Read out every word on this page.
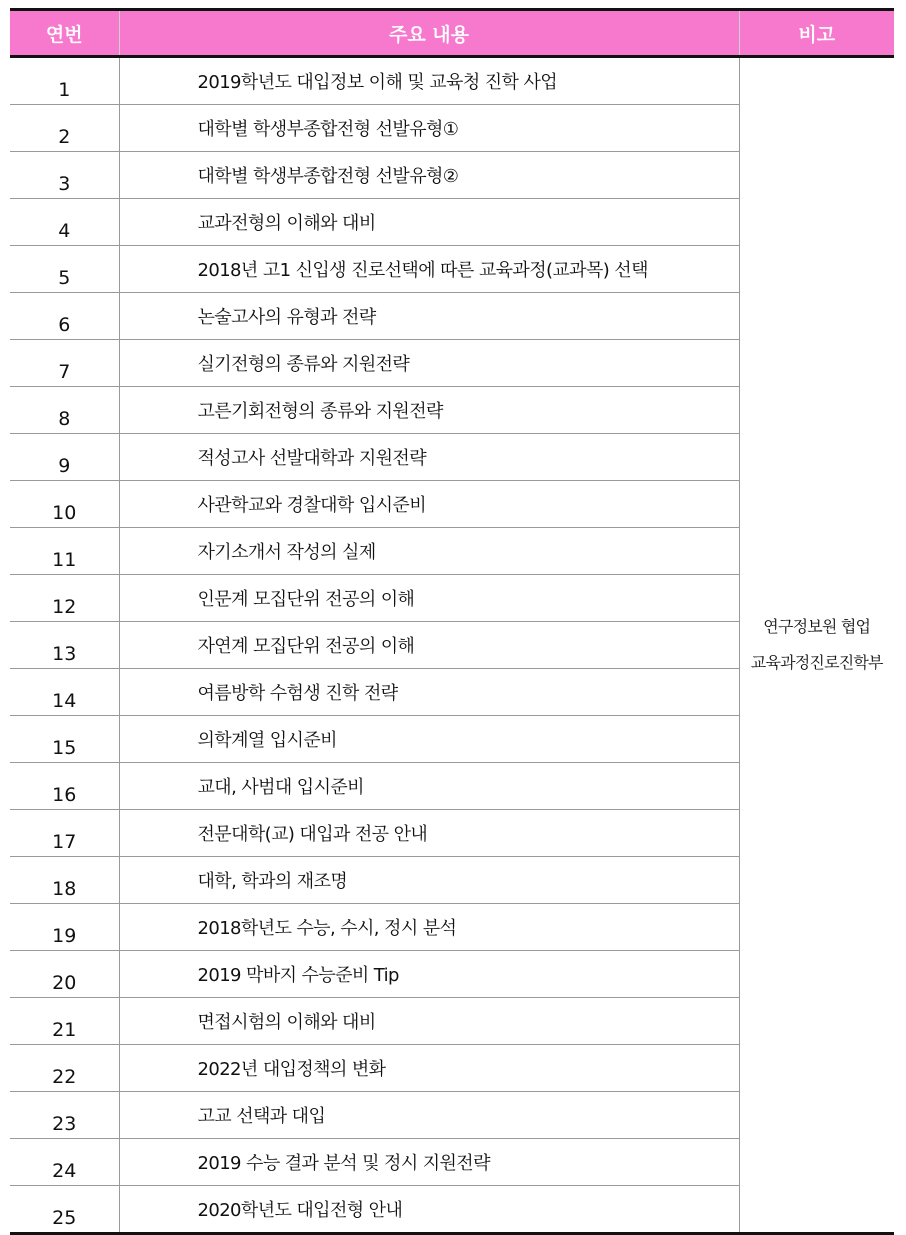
연번	주요 내용	비고
1	2019학년도 대입정보 이해 및 교육청 진학 사업	연구정보원 협업
교육과정진로진학부

2	대학별 학생부종합전형 선발유형①	
3	대학별 학생부종합전형 선발유형②	
4	교과전형의 이해와 대비	
5	2018년 고1 신입생 진로선택에 따른 교육과정(교과목) 선택	
6	논술고사의 유형과 전략	
7	실기전형의 종류와 지원전략	
8	고른기회전형의 종류와 지원전략	
9	적성고사 선발대학과 지원전략	
10	사관학교와 경찰대학 입시준비	
11	자기소개서 작성의 실제	
12	인문계 모집단위 전공의 이해	
13	자연계 모집단위 전공의 이해	
14	여름방학 수험생 진학 전략	
15	의학계열 입시준비	
16	교대, 사범대 입시준비	
17	전문대학(교) 대입과 전공 안내	
18	대학, 학과의 재조명	
19	2018학년도 수능, 수시, 정시 분석	
20	2019 막바지 수능준비 Tip	
21	면접시험의 이해와 대비	
22	2022년 대입정책의 변화	
23	고교 선택과 대입	
24	2019 수능 결과 분석 및 정시 지원전략	
25	2020학년도 대입전형 안내	
